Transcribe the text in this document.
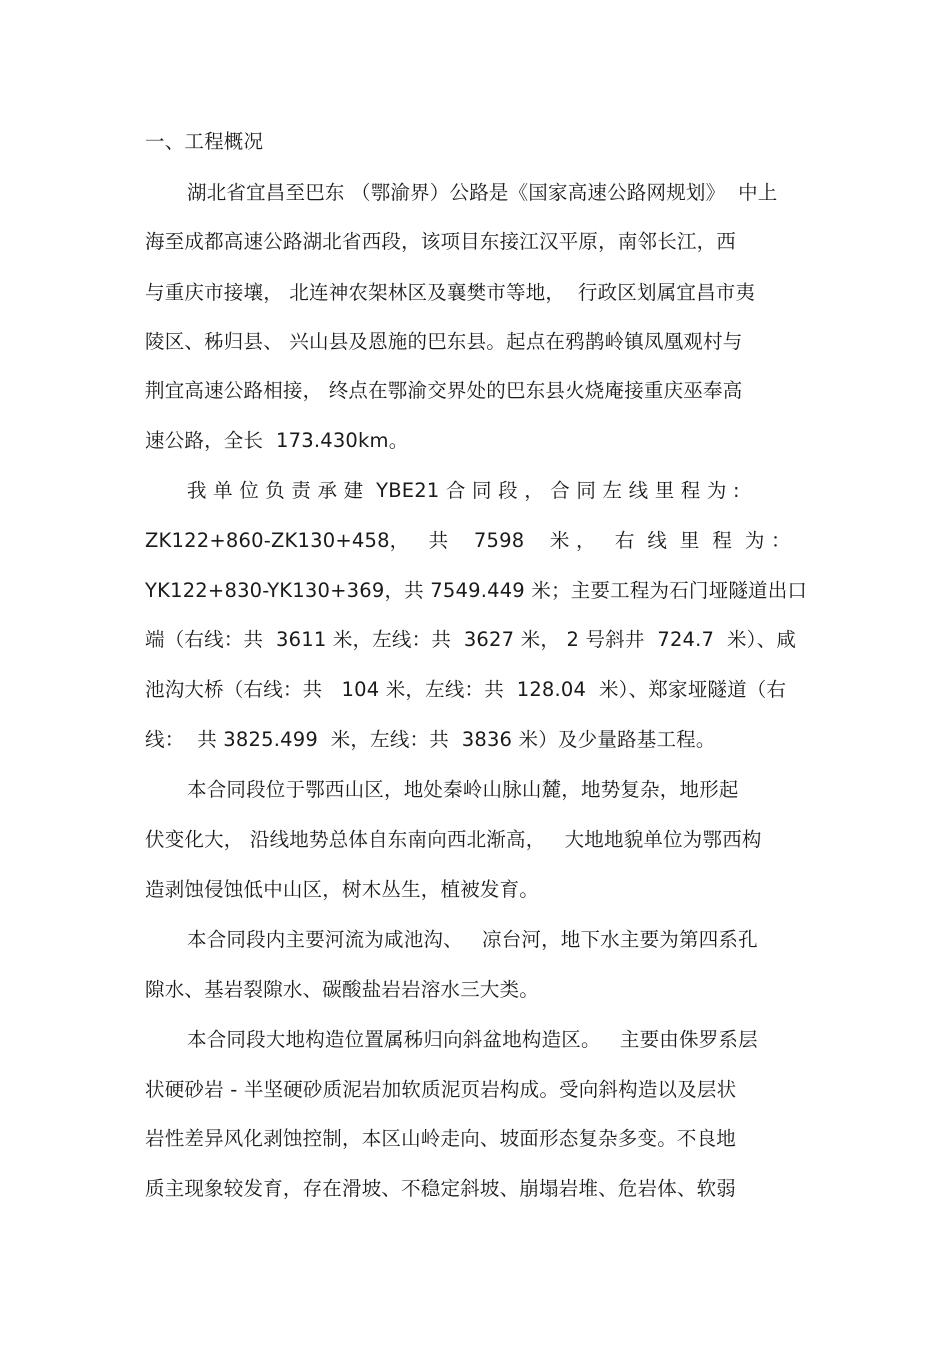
一、工程概况
湖北省宜昌至巴东 （鄂渝界）公路是《国家高速公路网规划》  中上
海至成都高速公路湖北省西段，该项目东接江汉平原，南邻长江，西
与重庆市接壤， 北连神农架林区及襄樊市等地，  行政区划属宜昌市夷
陵区、秭归县、 兴山县及恩施的巴东县。起点在鸦鹊岭镇凤凰观村与
荆宜高速公路相接， 终点在鄂渝交界处的巴东县火烧庵接重庆巫奉高
速公路，全长  173.430km。
我 单 位 负 责 承 建  YBE21 合 同 段 ， 合 同 左 线 里 程 为 :
ZK122+860-ZK130+458，   共    7598    米 ，   右  线  里  程  为 ：
YK122+830-YK130+369，共 7549.449 米；主要工程为石门垭隧道出口
端（右线：共  3611 米，左线：共  3627 米， 2 号斜井  724.7  米）、咸
池沟大桥（右线：共   104 米，左线：共  128.04  米）、郑家垭隧道（右
线：  共 3825.499  米，左线：共  3836 米）及少量路基工程。
本合同段位于鄂西山区，地处秦岭山脉山麓，地势复杂，地形起
伏变化大， 沿线地势总体自东南向西北渐高，   大地地貌单位为鄂西构
造剥蚀侵蚀低中山区，树木丛生，植被发育。
本合同段内主要河流为咸池沟、   凉台河，地下水主要为第四系孔
隙水、基岩裂隙水、碳酸盐岩岩溶水三大类。
本合同段大地构造位置属秭归向斜盆地构造区。   主要由侏罗系层
状硬砂岩 - 半坚硬砂质泥岩加软质泥页岩构成。受向斜构造以及层状
岩性差异风化剥蚀控制，本区山岭走向、坡面形态复杂多变。不良地
质主现象较发育，存在滑坡、不稳定斜坡、崩塌岩堆、危岩体、软弱
